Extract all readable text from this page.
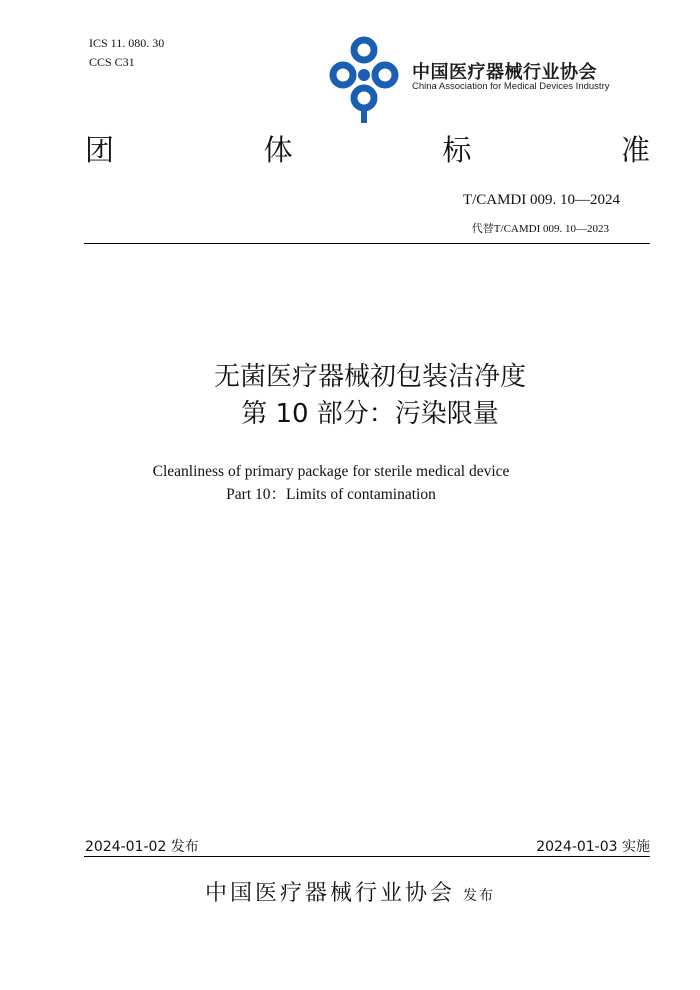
ICS 11. 080. 30
CCS C31	中国医疗器械行业协会
China Association for Medical Devices Industry
团	体	标	准
T/CAMDI 009. 10—2024
代替T/CAMDI 009. 10—2023
无菌医疗器械初包装洁净度
第 10 部分：污染限量
Cleanliness of primary package for sterile medical device
Part 10：Limits of contamination
2024-01-02 发布	2024-01-03 实施
中国医疗器械行业协会 发布
